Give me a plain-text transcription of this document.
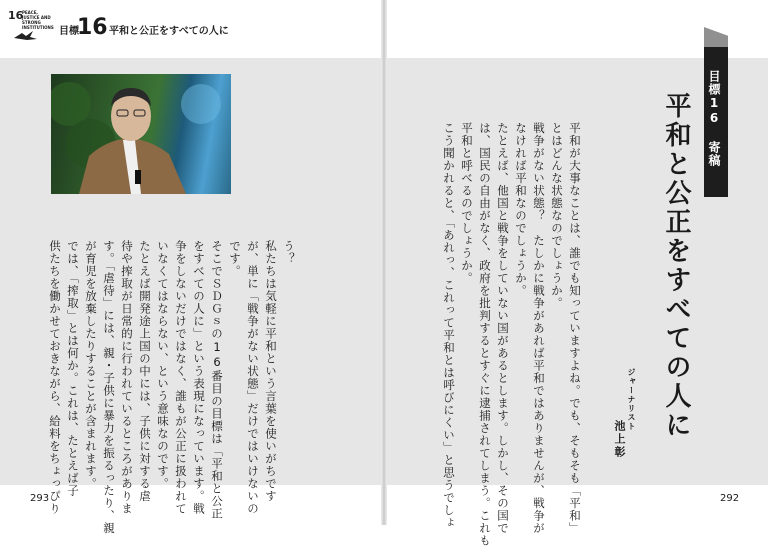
16
PEACE, JUSTICE AND STRONG INSTITUTIONS 目標
16 平和と公正をすべての人に
う？
私たちは気軽に平和という言葉を使いがちです
が、単に「戦争がない状態」だけではいけないの
です。
そこでＳＤＧｓの16番目の目標は「平和と公正
をすべての人に」という表現になっています。戦
争をしないだけではなく、誰もが公正に扱われて
いなくてはならない、という意味なのです。
たとえば開発途上国の中には、子供に対する虐
待や搾取が日常的に行われているところがありま
す。「虐待」には、親・子供に暴力を振るったり、親
が育児を放棄したりすることが含まれます。
では、「搾取」とは何か。これは、たとえば子
供たちを働かせておきながら、給料をちょっぴり	平和が大事なことは、誰でも知っていますよね。でも、そもそも「平和」
とはどんな状態なのでしょうか。
戦争がない状態？　たしかに戦争があれば平和ではありませんが、戦争が
なければ平和なのでしょうか。
たとえば、他国と戦争をしていない国があるとします。しかし、その国で
は、国民の自由がなく、政府を批判するとすぐに逮捕されてしまう。これも
平和と呼べるのでしょうか。
こう聞かれると、「あれっ、これって平和とは呼びにくい」と思うでしょ	平和と公正をすべての人に	目標16 寄稿
ジャーナリスト
池上彰
293	292
